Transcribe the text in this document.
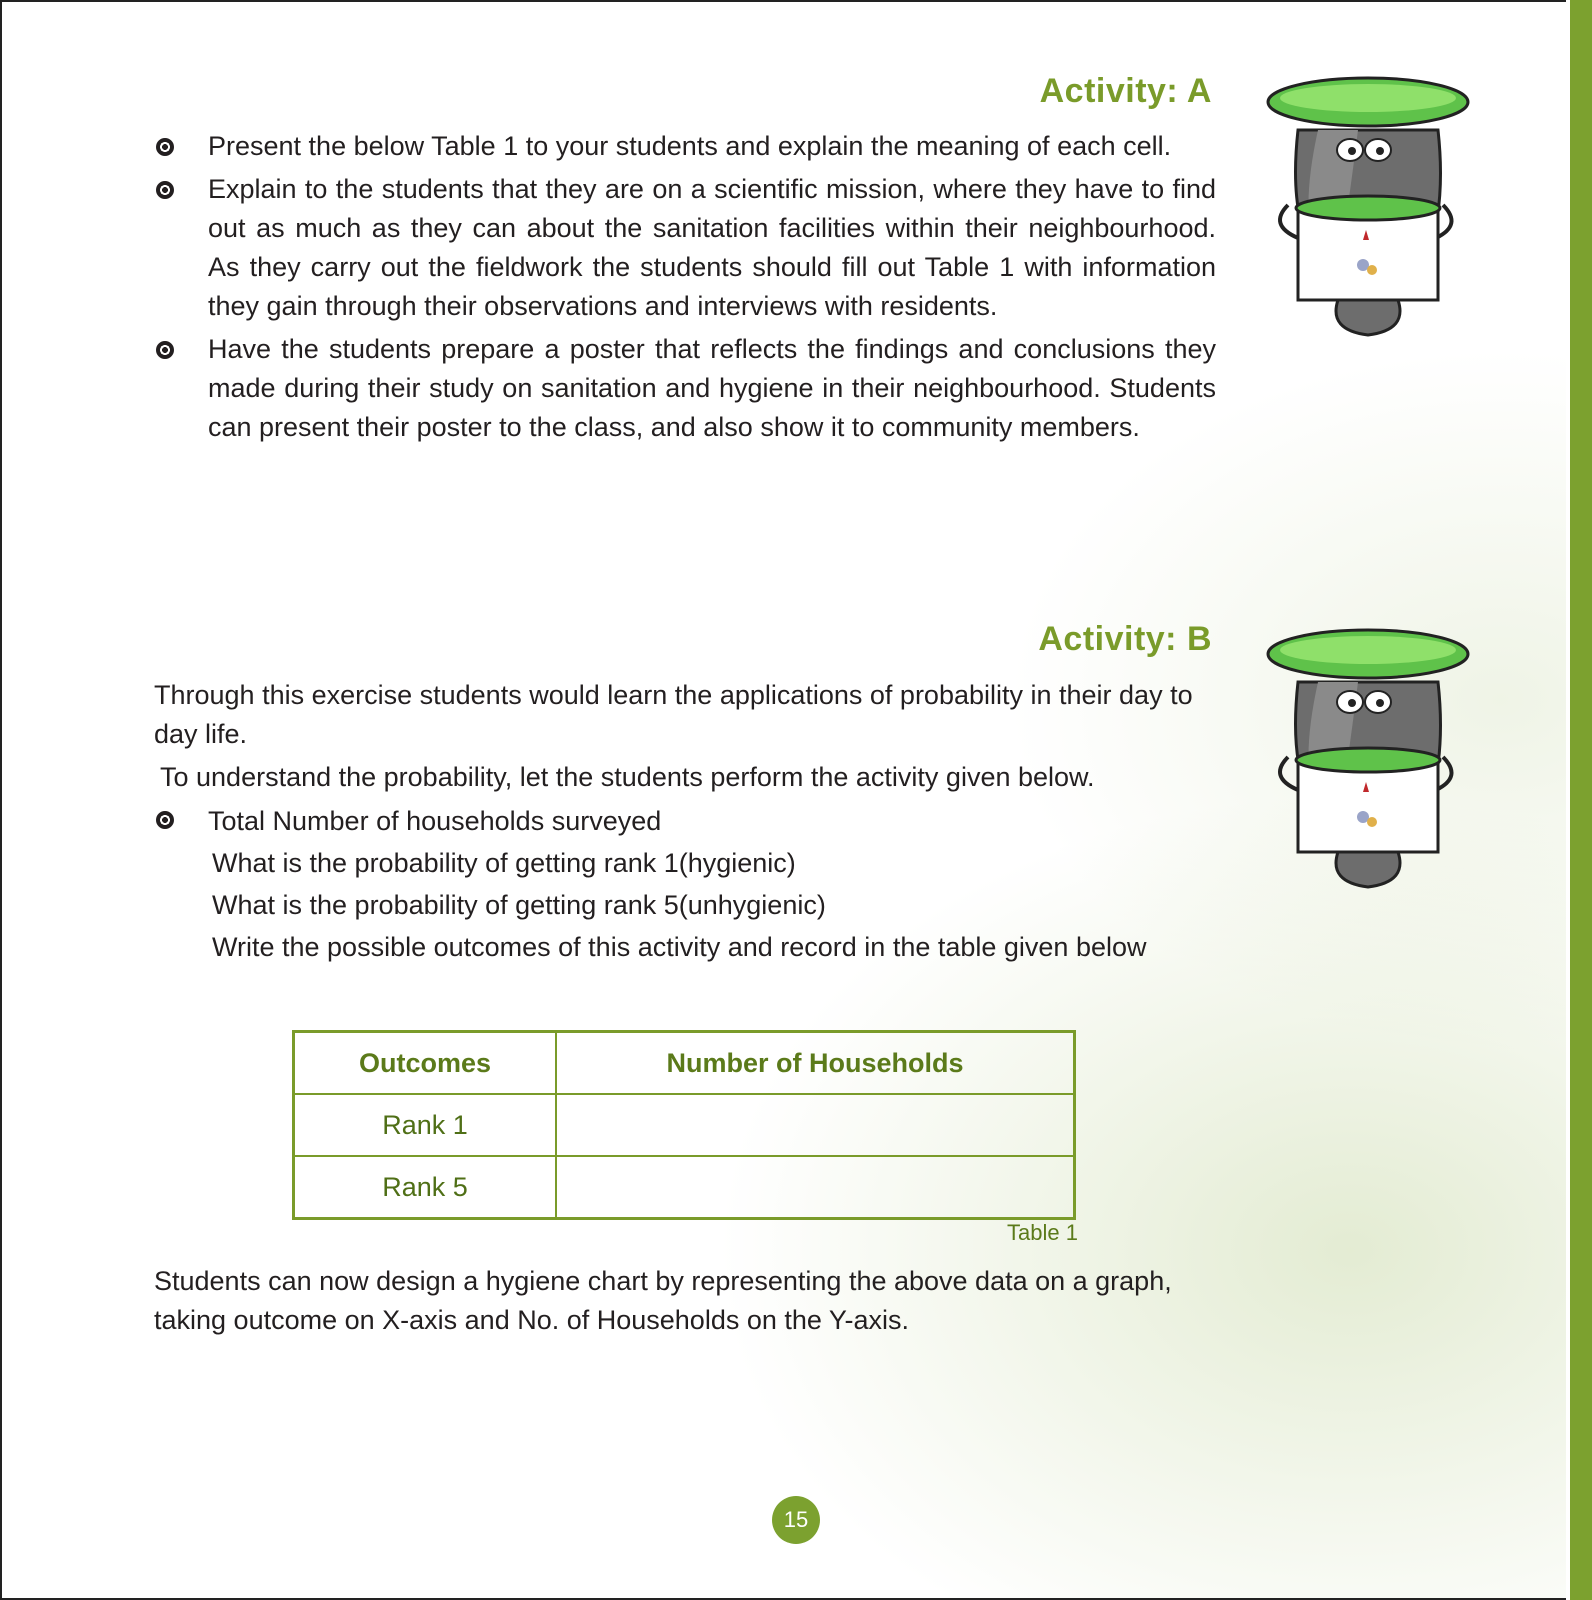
Activity: A
Present the below Table 1 to your students and explain the meaning of each cell.
Explain to the students that they are on a scientific mission, where they have to find out as much as they can about the sanitation facilities within their neighbourhood. As they carry out the fieldwork the students should fill out Table 1 with information they gain through their observations and interviews with residents.
Have the students prepare a poster that reflects the findings and conclusions they made during their study on sanitation and hygiene in their neighbourhood. Students can present their poster to the class, and also show it to community members.
Activity: B
Through this exercise students would learn the applications of probability in their day to day life.
To understand the probability, let the students perform the activity given below.
Total Number of households surveyed
What is the probability of getting rank 1(hygienic)
What is the probability of getting rank 5(unhygienic)
Write the possible outcomes of this activity and record in the table given below
Outcomes	Number of Households
Rank 1	
Rank 5	
Table 1
Students can now design a hygiene chart by representing the above data on a graph, taking outcome on X-axis and No. of Households on the Y-axis.
15
